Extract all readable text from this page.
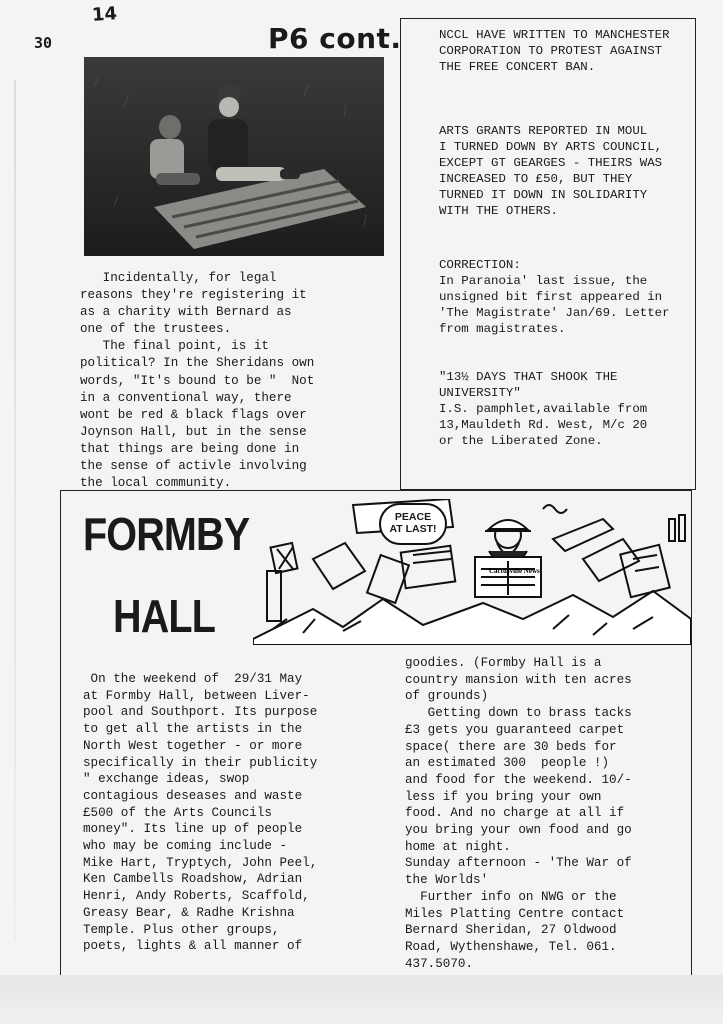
14
30	P6 cont.
Incidentally, for legal
reasons they're registering it
as a charity with Bernard as
one of the trustees.
The final point, is it
political? In the Sheridans own
words, "It's bound to be "  Not
in a conventional way, there
wont be red & black flags over
Joynson Hall, but in the sense
that things are being done in
the sense of activle involving
the local community.
NCCL HAVE WRITTEN TO MANCHESTER
CORPORATION TO PROTEST AGAINST
THE FREE CONCERT BAN.
ARTS GRANTS REPORTED IN MOUL
I TURNED DOWN BY ARTS COUNCIL,
EXCEPT GT GEARGES - THEIRS WAS
INCREASED TO £50, BUT THEY
TURNED IT DOWN IN SOLIDARITY
WITH THE OTHERS.
CORRECTION:
In Paranoia' last issue, the
unsigned bit first appeared in
'The Magistrate' Jan/69. Letter
from magistrates.
"13½ DAYS THAT SHOOK THE
UNIVERSITY"
I.S. pamphlet,available from
13,Mauldeth Rd. West, M/c 20
or the Liberated Zone.
FORMBY
HALL
Cactusville News
PEACE
AT LAST!
On the weekend of  29/31 May
at Formby Hall, between Liver-
pool and Southport. Its purpose
to get all the artists in the
North West together - or more
specifically in their publicity
" exchange ideas, swop
contagious deseases and waste
£500 of the Arts Councils
money". Its line up of people
who may be coming include -
Mike Hart, Tryptych, John Peel,
Ken Cambells Roadshow, Adrian
Henri, Andy Roberts, Scaffold,
Greasy Bear, & Radhe Krishna
Temple. Plus other groups,
poets, lights & all manner of
goodies. (Formby Hall is a
country mansion with ten acres
of grounds)
Getting down to brass tacks
£3 gets you guaranteed carpet
space( there are 30 beds for
an estimated 300  people !)
and food for the weekend. 10/-
less if you bring your own
food. And no charge at all if
you bring your own food and go
home at night.
Sunday afternoon - 'The War of
the Worlds'
Further info on NWG or the
Miles Platting Centre contact
Bernard Sheridan, 27 Oldwood
Road, Wythenshawe, Tel. 061.
437.5070.
